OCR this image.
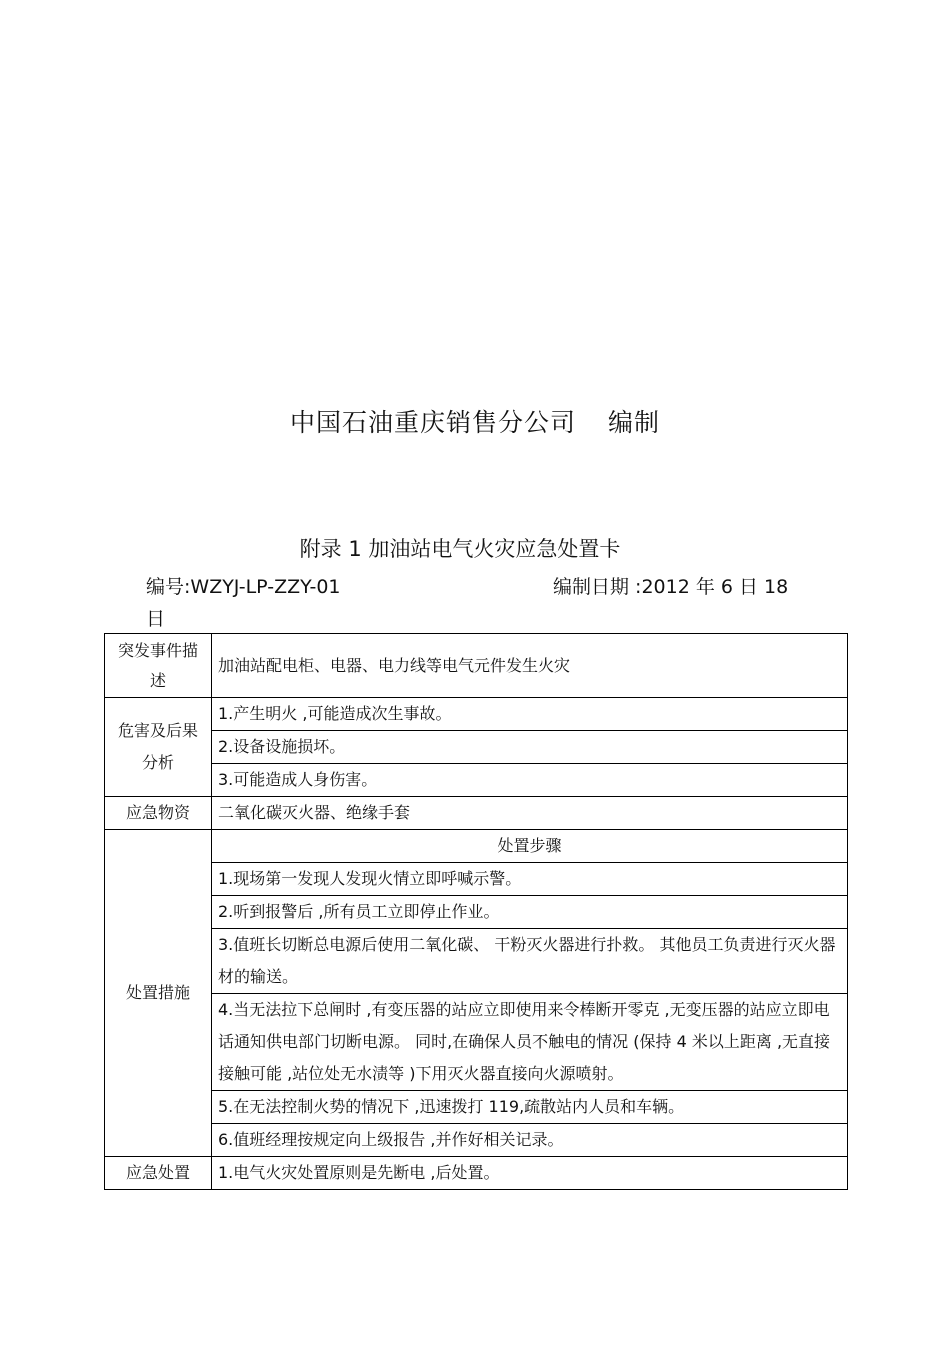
中国石油重庆销售分公司 编制
附录 1 加油站电气火灾应急处置卡
编号:WZYJ-LP-ZZY-01	编制日期 :2012 年 6 日 18
日
突发事件描述	加油站配电柜、电器、电力线等电气元件发生火灾
危害及后果分析	1.产生明火 ,可能造成次生事故。
	2.设备设施损坏。
	3.可能造成人身伤害。
应急物资	二氧化碳灭火器、绝缘手套
处置措施	处置步骤
	1.现场第一发现人发现火情立即呼喊示警。
	2.听到报警后 ,所有员工立即停止作业。
	3.值班长切断总电源后使用二氧化碳、 干粉灭火器进行扑救。 其他员工负责进行灭火器材的输送。
	4.当无法拉下总闸时 ,有变压器的站应立即使用来令棒断开零克 ,无变压器的站应立即电话通知供电部门切断电源。 同时,在确保人员不触电的情况 (保持 4 米以上距离 ,无直接接触可能 ,站位处无水渍等 )下用灭火器直接向火源喷射。
	5.在无法控制火势的情况下 ,迅速拨打 119,疏散站内人员和车辆。
	6.值班经理按规定向上级报告 ,并作好相关记录。
应急处置	1.电气火灾处置原则是先断电 ,后处置。
